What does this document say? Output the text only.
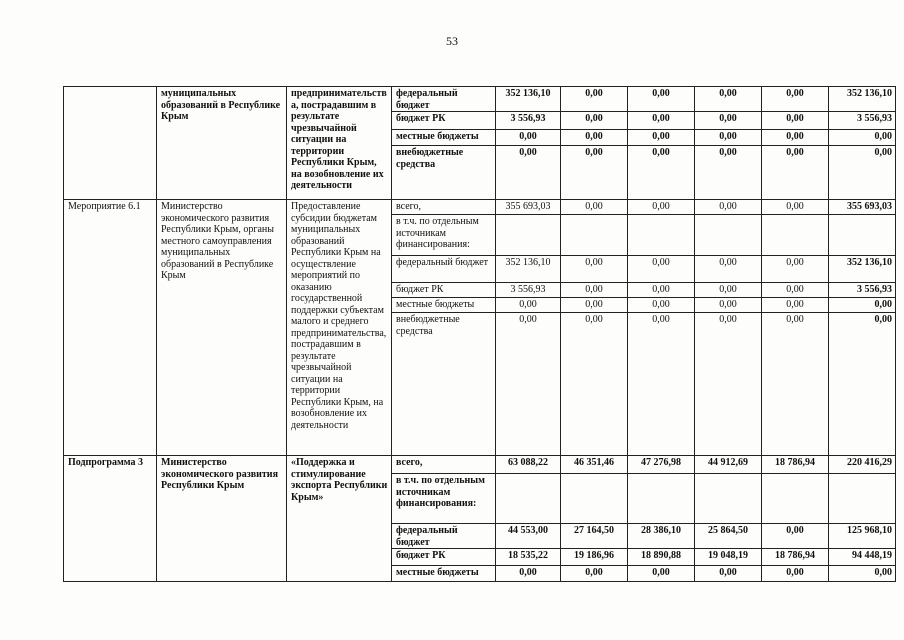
53
	муниципальных образований в Республике Крым	предпринимательства, пострадавшим в результате чрезвычайной ситуации на территории Республики Крым, на возобновление их деятельности	федеральный бюджет	352 136,10	0,00	0,00	0,00	0,00	352 136,10
			бюджет РК	3 556,93	0,00	0,00	0,00	0,00	3 556,93
			местные бюджеты	0,00	0,00	0,00	0,00	0,00	0,00
			внебюджетные средства	0,00	0,00	0,00	0,00	0,00	0,00
Мероприятие 6.1	Министерство экономического развития Республики Крым, органы местного самоуправления муниципальных образований в Республике Крым	Предоставление субсидии бюджетам муниципальных образований Республики Крым на осуществление мероприятий по оказанию государственной поддержки субъектам малого и среднего предпринимательства, пострадавшим в результате чрезвычайной ситуации на территории Республики Крым, на возобновление их деятельности	всего,	355 693,03	0,00	0,00	0,00	0,00	355 693,03
			в т.ч. по отдельным источникам финансирования:						
			федеральный бюджет	352 136,10	0,00	0,00	0,00	0,00	352 136,10
			бюджет РК	3 556,93	0,00	0,00	0,00	0,00	3 556,93
			местные бюджеты	0,00	0,00	0,00	0,00	0,00	0,00
			внебюджетные средства	0,00	0,00	0,00	0,00	0,00	0,00
Подпрограмма 3	Министерство экономического развития Республики Крым	«Поддержка и стимулирование экспорта Республики Крым»	всего,	63 088,22	46 351,46	47 276,98	44 912,69	18 786,94	220 416,29
			в т.ч. по отдельным источникам финансирования:						
			федеральный бюджет	44 553,00	27 164,50	28 386,10	25 864,50	0,00	125 968,10
			бюджет РК	18 535,22	19 186,96	18 890,88	19 048,19	18 786,94	94 448,19
			местные бюджеты	0,00	0,00	0,00	0,00	0,00	0,00
